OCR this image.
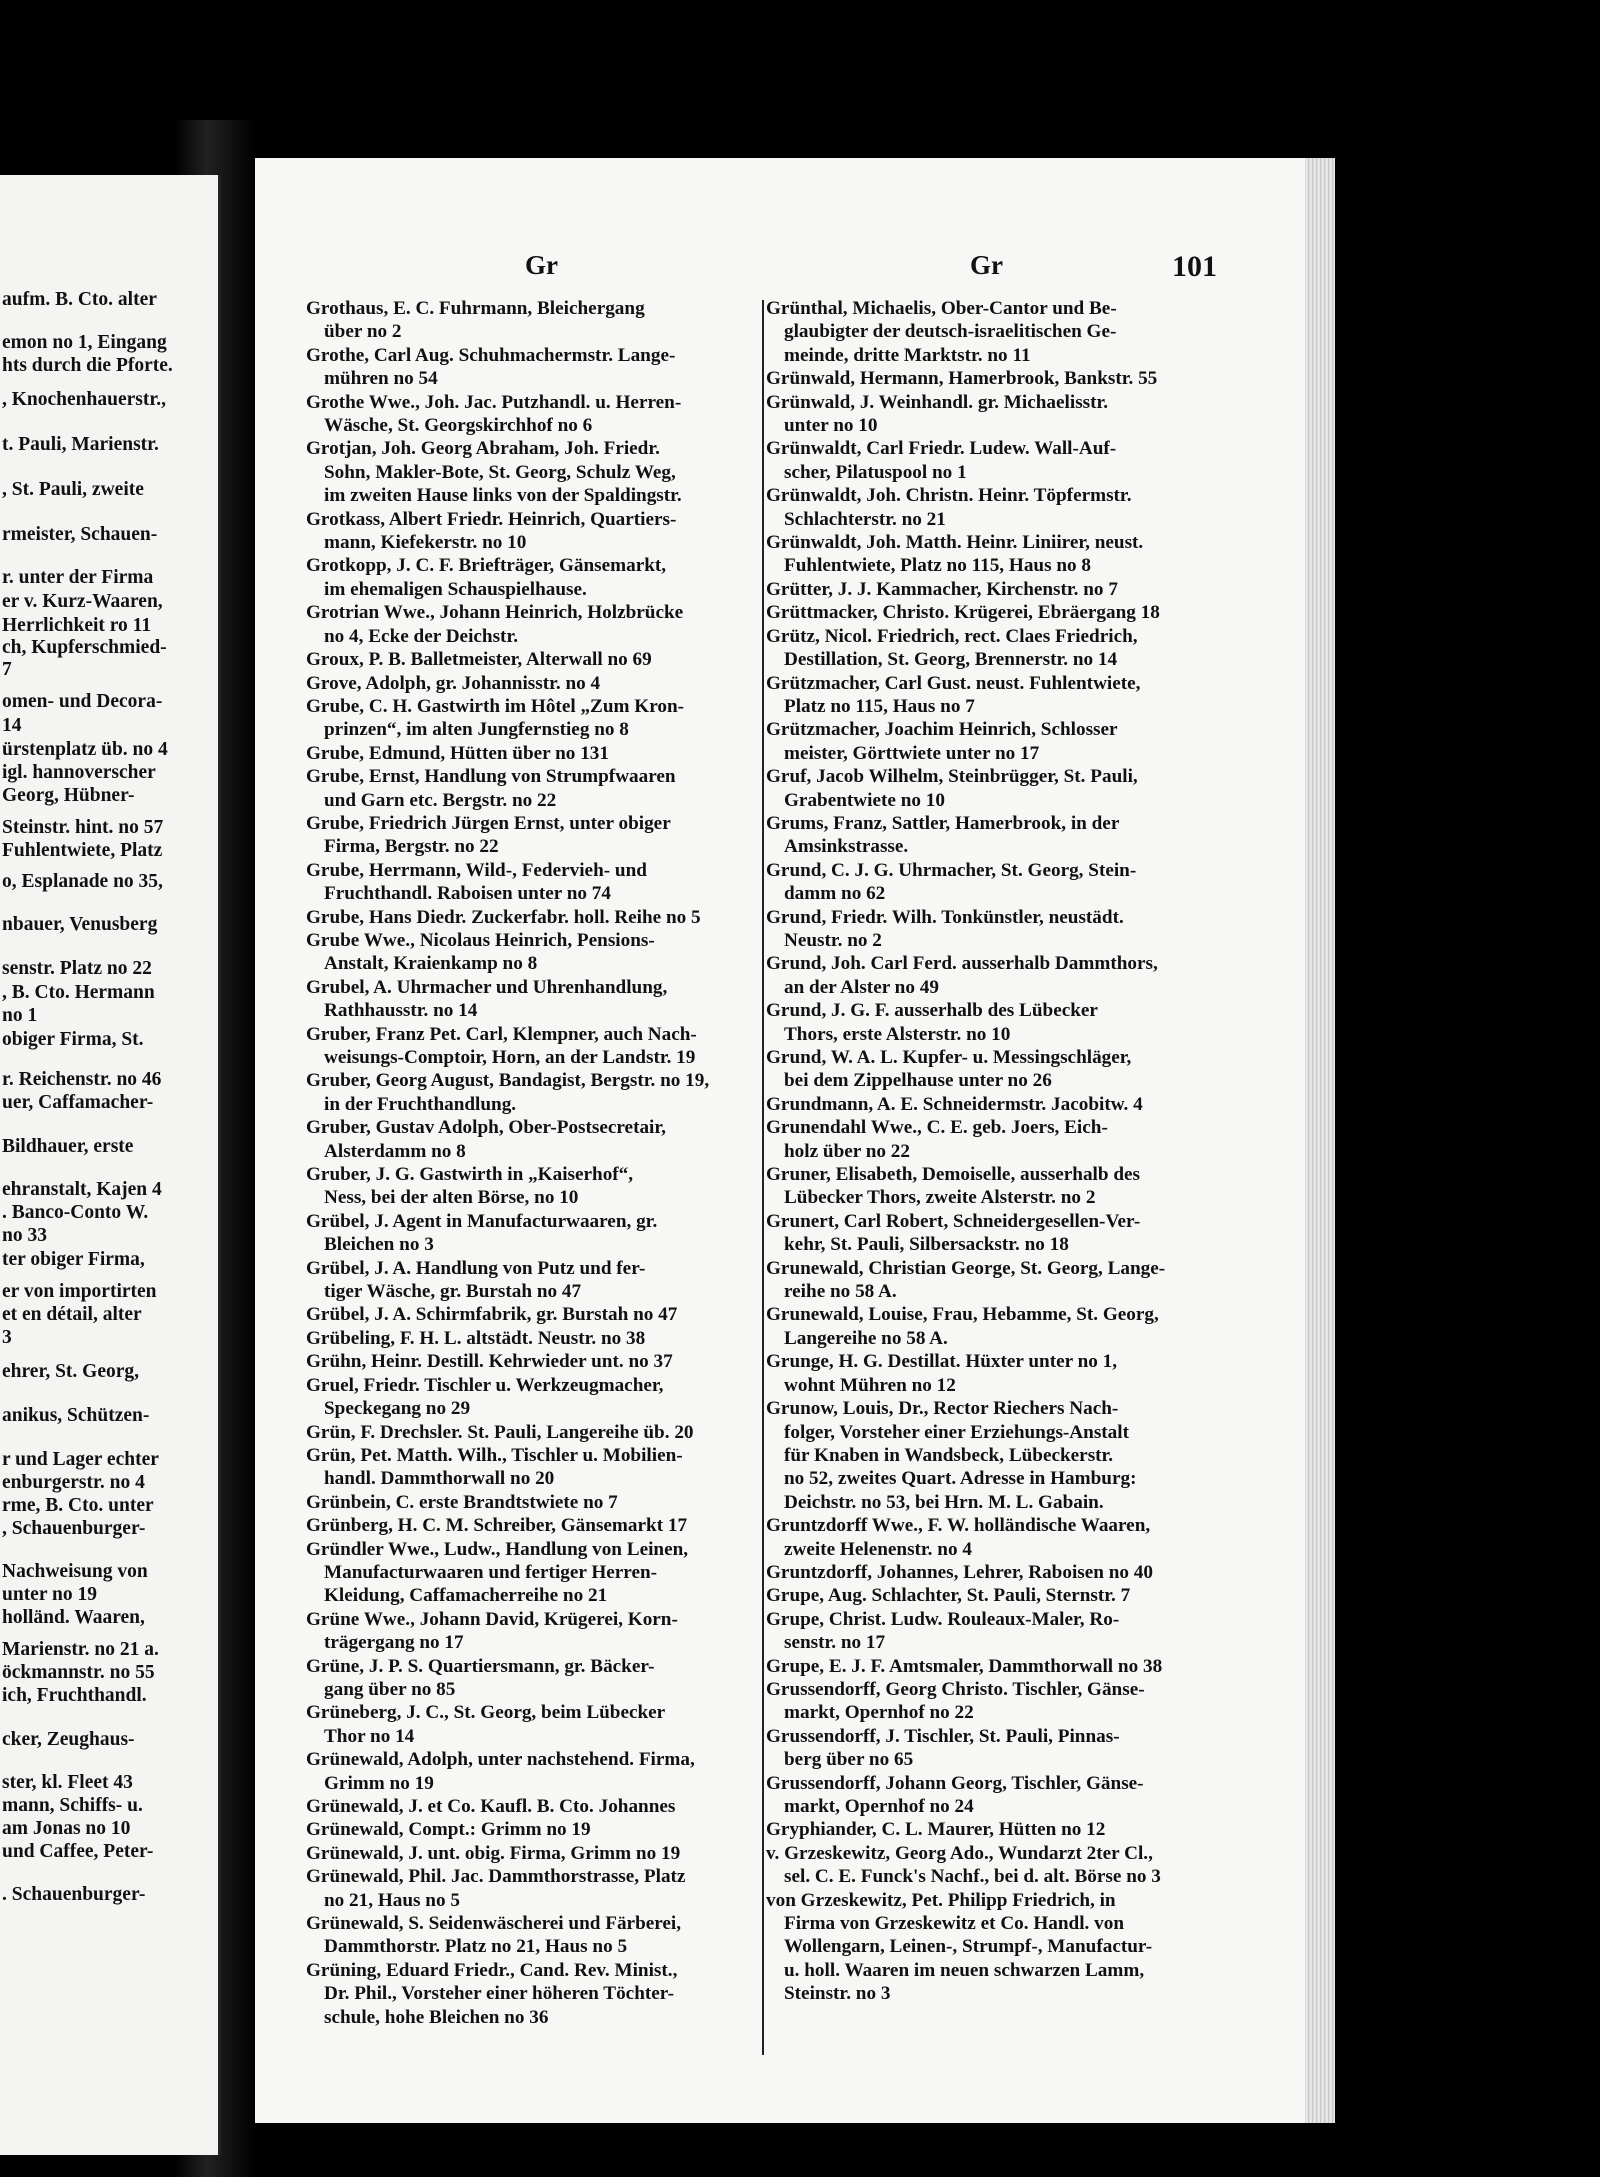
aufm. B. Cto. alter
emon no 1, Eingang
hts durch die Pforte.
, Knochenhauerstr.,
t. Pauli, Marienstr.
, St. Pauli, zweite
rmeister, Schauen-
r. unter der Firma
er v. Kurz-Waaren,
Herrlichkeit ro 11
ch, Kupferschmied-
7
omen- und Decora-
14
ürstenplatz üb. no 4
igl. hannoverscher
Georg, Hübner-
Steinstr. hint. no 57
Fuhlentwiete, Platz
o, Esplanade no 35,
nbauer, Venusberg
senstr. Platz no 22
, B. Cto. Hermann
no 1
obiger Firma, St.
r. Reichenstr. no 46
uer, Caffamacher-
Bildhauer, erste
ehranstalt, Kajen 4
. Banco-Conto W.
no 33
ter obiger Firma,
er von importirten
et en détail, alter
3
ehrer, St. Georg,
anikus, Schützen-
r und Lager echter
enburgerstr. no 4
rme, B. Cto. unter
, Schauenburger-
Nachweisung von
unter no 19
holländ. Waaren,
Marienstr. no 21 a.
öckmannstr. no 55
ich, Fruchthandl.
cker, Zeughaus-
ster, kl. Fleet 43
mann, Schiffs- u.
am Jonas no 10
und Caffee, Peter-
. Schauenburger-
Gr	Gr	101
Grothaus, E. C. Fuhrmann, Bleichergang
über no 2
Grothe, Carl Aug. Schuhmachermstr. Lange-
mühren no 54
Grothe Wwe., Joh. Jac. Putzhandl. u. Herren-
Wäsche, St. Georgskirchhof no 6
Grotjan, Joh. Georg Abraham, Joh. Friedr.
Sohn, Makler-Bote, St. Georg, Schulz Weg,
im zweiten Hause links von der Spaldingstr.
Grotkass, Albert Friedr. Heinrich, Quartiers-
mann, Kiefekerstr. no 10
Grotkopp, J. C. F. Briefträger, Gänsemarkt,
im ehemaligen Schauspielhause.
Grotrian Wwe., Johann Heinrich, Holzbrücke
no 4, Ecke der Deichstr.
Groux, P. B. Balletmeister, Alterwall no 69
Grove, Adolph, gr. Johannisstr. no 4
Grube, C. H. Gastwirth im Hôtel „Zum Kron-
prinzen“, im alten Jungfernstieg no 8
Grube, Edmund, Hütten über no 131
Grube, Ernst, Handlung von Strumpfwaaren
und Garn etc. Bergstr. no 22
Grube, Friedrich Jürgen Ernst, unter obiger
Firma, Bergstr. no 22
Grube, Herrmann, Wild-, Federvieh- und
Fruchthandl. Raboisen unter no 74
Grube, Hans Diedr. Zuckerfabr. holl. Reihe no 5
Grube Wwe., Nicolaus Heinrich, Pensions-
Anstalt, Kraienkamp no 8
Grubel, A. Uhrmacher und Uhrenhandlung,
Rathhausstr. no 14
Gruber, Franz Pet. Carl, Klempner, auch Nach-
weisungs-Comptoir, Horn, an der Landstr. 19
Gruber, Georg August, Bandagist, Bergstr. no 19,
in der Fruchthandlung.
Gruber, Gustav Adolph, Ober-Postsecretair,
Alsterdamm no 8
Gruber, J. G. Gastwirth in „Kaiserhof“,
Ness, bei der alten Börse, no 10
Grübel, J. Agent in Manufacturwaaren, gr.
Bleichen no 3
Grübel, J. A. Handlung von Putz und fer-
tiger Wäsche, gr. Burstah no 47
Grübel, J. A. Schirmfabrik, gr. Burstah no 47
Grübeling, F. H. L. altstädt. Neustr. no 38
Grühn, Heinr. Destill. Kehrwieder unt. no 37
Gruel, Friedr. Tischler u. Werkzeugmacher,
Speckegang no 29
Grün, F. Drechsler. St. Pauli, Langereihe üb. 20
Grün, Pet. Matth. Wilh., Tischler u. Mobilien-
handl. Dammthorwall no 20
Grünbein, C. erste Brandtstwiete no 7
Grünberg, H. C. M. Schreiber, Gänsemarkt 17
Gründler Wwe., Ludw., Handlung von Leinen,
Manufacturwaaren und fertiger Herren-
Kleidung, Caffamacherreihe no 21
Grüne Wwe., Johann David, Krügerei, Korn-
trägergang no 17
Grüne, J. P. S. Quartiersmann, gr. Bäcker-
gang über no 85
Grüneberg, J. C., St. Georg, beim Lübecker
Thor no 14
Grünewald, Adolph, unter nachstehend. Firma,
Grimm no 19
Grünewald, J. et Co. Kaufl. B. Cto. Johannes
Grünewald, Compt.: Grimm no 19
Grünewald, J. unt. obig. Firma, Grimm no 19
Grünewald, Phil. Jac. Dammthorstrasse, Platz
no 21, Haus no 5
Grünewald, S. Seidenwäscherei und Färberei,
Dammthorstr. Platz no 21, Haus no 5
Grüning, Eduard Friedr., Cand. Rev. Minist.,
Dr. Phil., Vorsteher einer höheren Töchter-
schule, hohe Bleichen no 36
Grünthal, Michaelis, Ober-Cantor und Be-
glaubigter der deutsch-israelitischen Ge-
meinde, dritte Marktstr. no 11
Grünwald, Hermann, Hamerbrook, Bankstr. 55
Grünwald, J. Weinhandl. gr. Michaelisstr.
unter no 10
Grünwaldt, Carl Friedr. Ludew. Wall-Auf-
scher, Pilatuspool no 1
Grünwaldt, Joh. Christn. Heinr. Töpfermstr.
Schlachterstr. no 21
Grünwaldt, Joh. Matth. Heinr. Liniirer, neust.
Fuhlentwiete, Platz no 115, Haus no 8
Grütter, J. J. Kammacher, Kirchenstr. no 7
Grüttmacker, Christo. Krügerei, Ebräergang 18
Grütz, Nicol. Friedrich, rect. Claes Friedrich,
Destillation, St. Georg, Brennerstr. no 14
Grützmacher, Carl Gust. neust. Fuhlentwiete,
Platz no 115, Haus no 7
Grützmacher, Joachim Heinrich, Schlosser
meister, Görttwiete unter no 17
Gruf, Jacob Wilhelm, Steinbrügger, St. Pauli,
Grabentwiete no 10
Grums, Franz, Sattler, Hamerbrook, in der
Amsinkstrasse.
Grund, C. J. G. Uhrmacher, St. Georg, Stein-
damm no 62
Grund, Friedr. Wilh. Tonkünstler, neustädt.
Neustr. no 2
Grund, Joh. Carl Ferd. ausserhalb Dammthors,
an der Alster no 49
Grund, J. G. F. ausserhalb des Lübecker
Thors, erste Alsterstr. no 10
Grund, W. A. L. Kupfer- u. Messingschläger,
bei dem Zippelhause unter no 26
Grundmann, A. E. Schneidermstr. Jacobitw. 4
Grunendahl Wwe., C. E. geb. Joers, Eich-
holz über no 22
Gruner, Elisabeth, Demoiselle, ausserhalb des
Lübecker Thors, zweite Alsterstr. no 2
Grunert, Carl Robert, Schneidergesellen-Ver-
kehr, St. Pauli, Silbersackstr. no 18
Grunewald, Christian George, St. Georg, Lange-
reihe no 58 A.
Grunewald, Louise, Frau, Hebamme, St. Georg,
Langereihe no 58 A.
Grunge, H. G. Destillat. Hüxter unter no 1,
wohnt Mühren no 12
Grunow, Louis, Dr., Rector Riechers Nach-
folger, Vorsteher einer Erziehungs-Anstalt
für Knaben in Wandsbeck, Lübeckerstr.
no 52, zweites Quart. Adresse in Hamburg:
Deichstr. no 53, bei Hrn. M. L. Gabain.
Gruntzdorff Wwe., F. W. holländische Waaren,
zweite Helenenstr. no 4
Gruntzdorff, Johannes, Lehrer, Raboisen no 40
Grupe, Aug. Schlachter, St. Pauli, Sternstr. 7
Grupe, Christ. Ludw. Rouleaux-Maler, Ro-
senstr. no 17
Grupe, E. J. F. Amtsmaler, Dammthorwall no 38
Grussendorff, Georg Christo. Tischler, Gänse-
markt, Opernhof no 22
Grussendorff, J. Tischler, St. Pauli, Pinnas-
berg über no 65
Grussendorff, Johann Georg, Tischler, Gänse-
markt, Opernhof no 24
Gryphiander, C. L. Maurer, Hütten no 12
v. Grzeskewitz, Georg Ado., Wundarzt 2ter Cl.,
sel. C. E. Funck's Nachf., bei d. alt. Börse no 3
von Grzeskewitz, Pet. Philipp Friedrich, in
Firma von Grzeskewitz et Co. Handl. von
Wollengarn, Leinen-, Strumpf-, Manufactur-
u. holl. Waaren im neuen schwarzen Lamm,
Steinstr. no 3
